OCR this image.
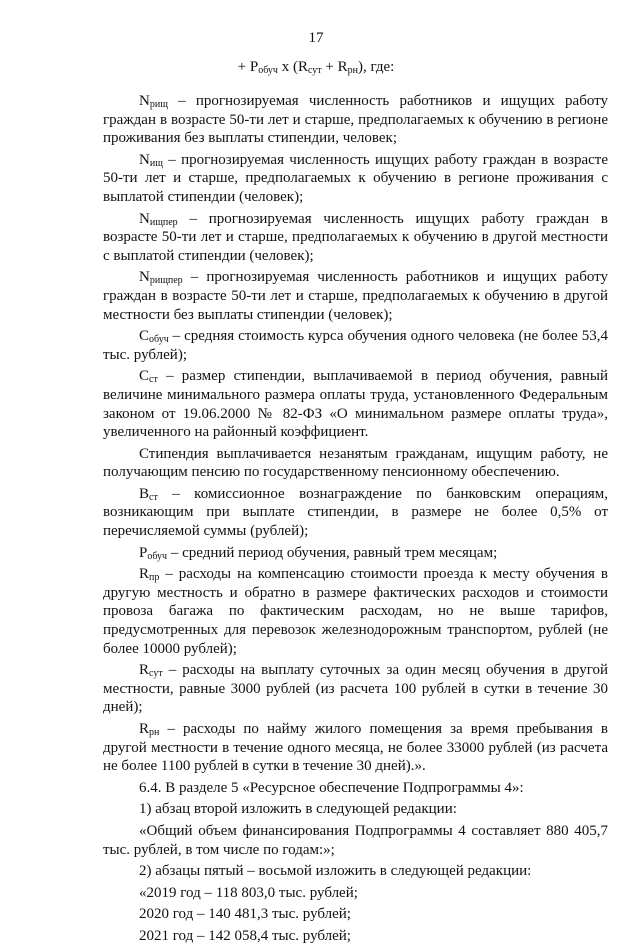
17
+ $P_{обуч}$ x $(R_{сут} + R_{рн})$, где:

$N_{рищ}$ – прогнозируемая численность работников и ищущих работу граждан в возрасте 50-ти лет и старше, предполагаемых к обучению в регионе проживания без выплаты стипендии, человек;

$N_{ищ}$ – прогнозируемая численность ищущих работу граждан в возрасте 50-ти лет и старше, предполагаемых к обучению в регионе проживания с выплатой стипендии (человек);

$N_{ищпер}$ – прогнозируемая численность ищущих работу граждан в возрасте 50-ти лет и старше, предполагаемых к обучению в другой местности с выплатой стипендии (человек);

$N_{рищпер}$ – прогнозируемая численность работников и ищущих работу граждан в возрасте 50-ти лет и старше, предполагаемых к обучению в другой местности без выплаты стипендии (человек);

$С_{обуч}$ – средняя стоимость курса обучения одного человека (не более 53,4 тыс. рублей);

$С_{ст}$ – размер стипендии, выплачиваемой в период обучения, равный величине минимального размера оплаты труда, установленного Федеральным законом от 19.06.2000 № 82-ФЗ «О минимальном размере оплаты труда», увеличенного на районный коэффициент.

Стипендия выплачивается незанятым гражданам, ищущим работу, не получающим пенсию по государственному пенсионному обеспечению.

$В_{ст}$ – комиссионное вознаграждение по банковским операциям, возникающим при выплате стипендии, в размере не более 0,5% от перечисляемой суммы (рублей);

$Р_{обуч}$ – средний период обучения, равный трем месяцам;

$R_{пр}$ – расходы на компенсацию стоимости проезда к месту обучения в другую местность и обратно в размере фактических расходов и стоимости провоза багажа по фактическим расходам, но не выше тарифов, предусмотренных для перевозок железнодорожным транспортом, рублей (не более 10000 рублей);

$R_{сут}$ – расходы на выплату суточных за один месяц обучения в другой местности, равные 3000 рублей (из расчета 100 рублей в сутки в течение 30 дней);

$R_{рн}$ – расходы по найму жилого помещения за время пребывания в другой местности в течение одного месяца, не более 33000 рублей (из расчета не более 1100 рублей в сутки в течение 30 дней).».

6.4. В разделе 5 «Ресурсное обеспечение Подпрограммы 4»:

1) абзац второй изложить в следующей редакции:

«Общий объем финансирования Подпрограммы 4 составляет 880 405,7 тыс. рублей, в том числе по годам:»;

2) абзацы пятый – восьмой изложить в следующей редакции:

«2019 год – 118 803,0 тыс. рублей;

2020 год – 140 481,3 тыс. рублей;

2021 год – 142 058,4 тыс. рублей;
